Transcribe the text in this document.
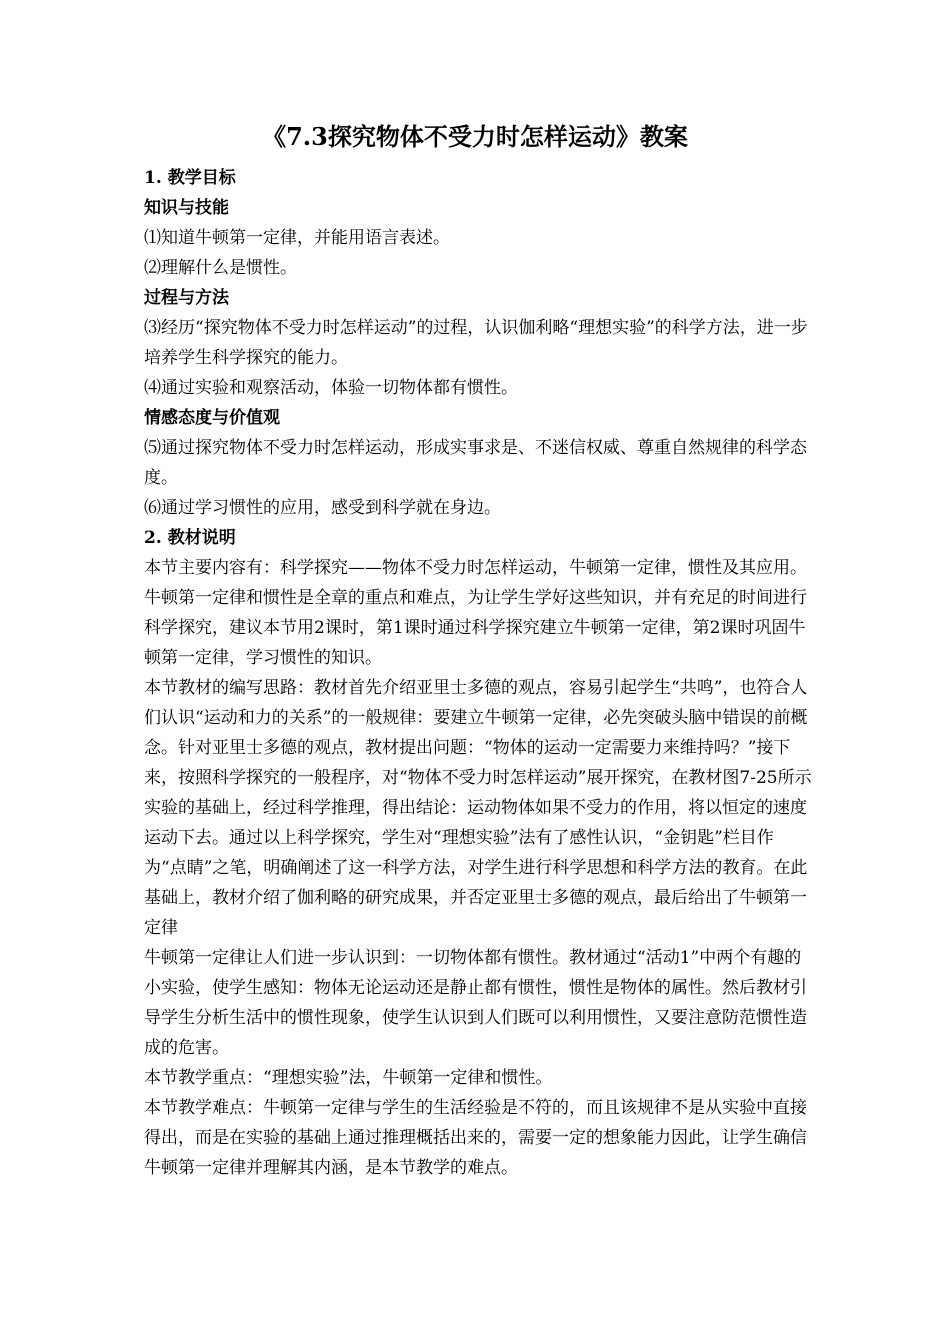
《7.3探究物体不受力时怎样运动》教案

1. 教学目标

知识与技能

⑴知道牛顿第一定律，并能用语言表述。

⑵理解什么是惯性。

过程与方法

⑶经历“探究物体不受力时怎样运动”的过程，认识伽利略“理想实验”的科学方法，进一步培养学生科学探究的能力。

⑷通过实验和观察活动，体验一切物体都有惯性。

情感态度与价值观

⑸通过探究物体不受力时怎样运动，形成实事求是、不迷信权威、尊重自然规律的科学态度。

⑹通过学习惯性的应用，感受到科学就在身边。

2. 教材说明

本节主要内容有：科学探究——物体不受力时怎样运动，牛顿第一定律，惯性及其应用。

牛顿第一定律和惯性是全章的重点和难点，为让学生学好这些知识，并有充足的时间进行科学探究，建议本节用2课时，第1课时通过科学探究建立牛顿第一定律，第2课时巩固牛顿第一定律，学习惯性的知识。

本节教材的编写思路：教材首先介绍亚里士多德的观点，容易引起学生“共鸣”，也符合人们认识“运动和力的关系”的一般规律：要建立牛顿第一定律，必先突破头脑中错误的前概念。针对亚里士多德的观点，教材提出问题：“物体的运动一定需要力来维持吗？”接下来，按照科学探究的一般程序，对“物体不受力时怎样运动”展开探究，在教材图7-25所示实验的基础上，经过科学推理，得出结论：运动物体如果不受力的作用，将以恒定的速度运动下去。通过以上科学探究，学生对“理想实验”法有了感性认识，“金钥匙”栏目作为“点睛”之笔，明确阐述了这一科学方法，对学生进行科学思想和科学方法的教育。在此基础上，教材介绍了伽利略的研究成果，并否定亚里士多德的观点，最后给出了牛顿第一定律

牛顿第一定律让人们进一步认识到：一切物体都有惯性。教材通过“活动1”中两个有趣的小实验，使学生感知：物体无论运动还是静止都有惯性，惯性是物体的属性。然后教材引导学生分析生活中的惯性现象，使学生认识到人们既可以利用惯性，又要注意防范惯性造成的危害。

本节教学重点：“理想实验”法，牛顿第一定律和惯性。

本节教学难点：牛顿第一定律与学生的生活经验是不符的，而且该规律不是从实验中直接得出，而是在实验的基础上通过推理概括出来的，需要一定的想象能力因此，让学生确信牛顿第一定律并理解其内涵，是本节教学的难点。
